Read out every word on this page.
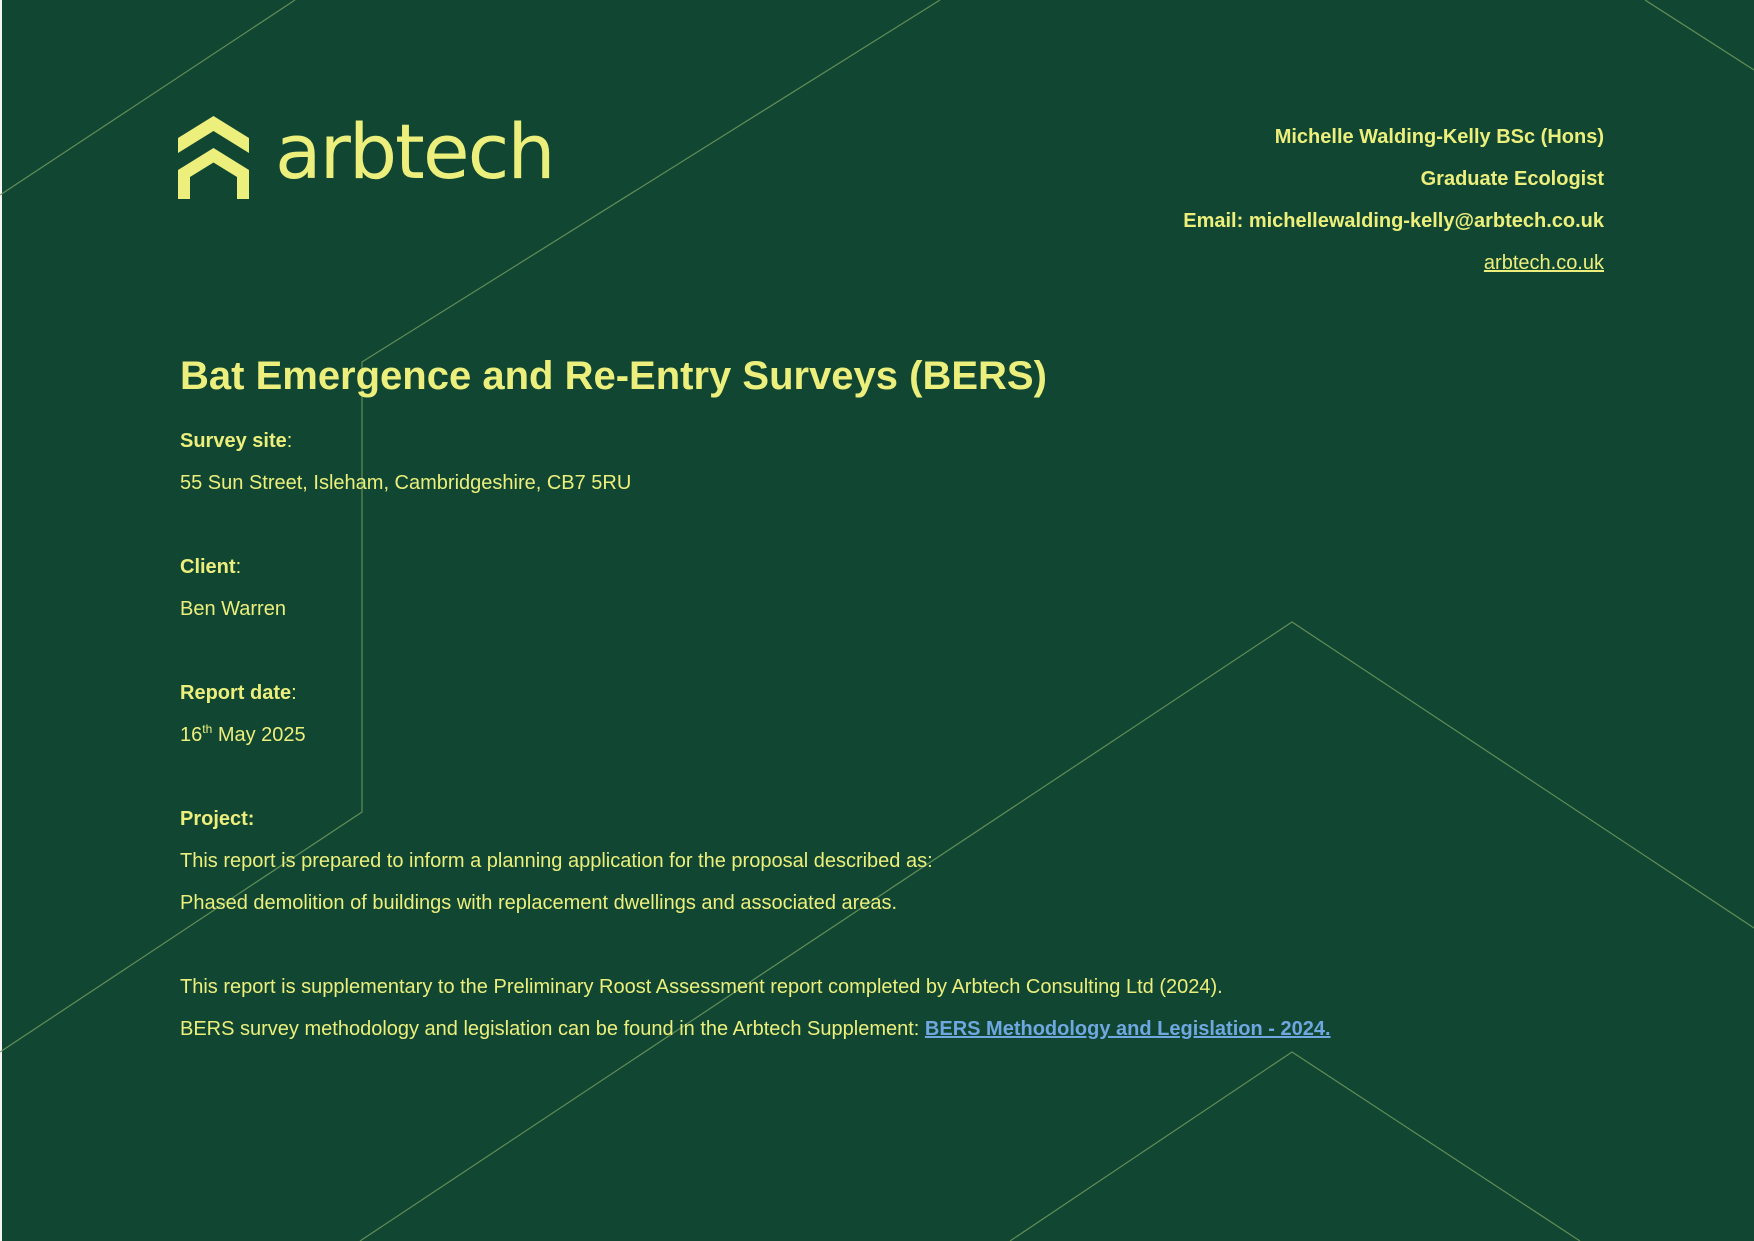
arbtech	Michelle Walding-Kelly BSc (Hons)
Graduate Ecologist
Email: michellewalding-kelly@arbtech.co.uk
arbtech.co.uk
Bat Emergence and Re-Entry Surveys (BERS)

Survey site:

55 Sun Street, Isleham, Cambridgeshire, CB7 5RU

Client:

Ben Warren

Report date:

16th May 2025

Project:

This report is prepared to inform a planning application for the proposal described as:

Phased demolition of buildings with replacement dwellings and associated areas.

This report is supplementary to the Preliminary Roost Assessment report completed by Arbtech Consulting Ltd (2024).

BERS survey methodology and legislation can be found in the Arbtech Supplement: BERS Methodology and Legislation - 2024.
